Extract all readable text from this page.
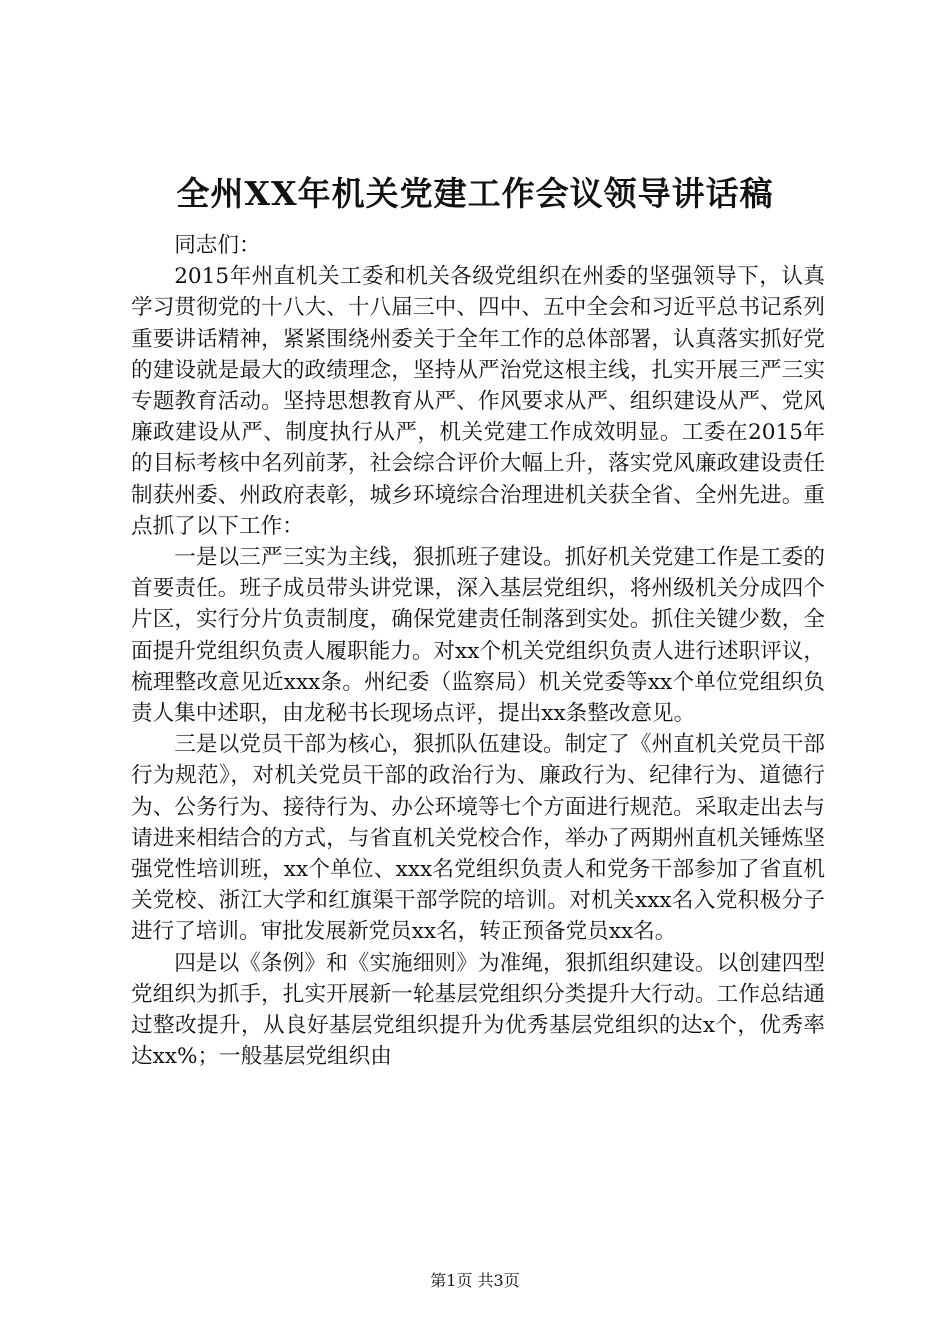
全州XX年机关党建工作会议领导讲话稿

同志们：

2015年州直机关工委和机关各级党组织在州委的坚强领导下，认真学习贯彻党的十八大、十八届三中、四中、五中全会和习近平总书记系列重要讲话精神，紧紧围绕州委关于全年工作的总体部署，认真落实抓好党的建设就是最大的政绩理念，坚持从严治党这根主线，扎实开展三严三实专题教育活动。坚持思想教育从严、作风要求从严、组织建设从严、党风廉政建设从严、制度执行从严，机关党建工作成效明显。工委在2015年的目标考核中名列前茅，社会综合评价大幅上升，落实党风廉政建设责任制获州委、州政府表彰，城乡环境综合治理进机关获全省、全州先进。重点抓了以下工作：

一是以三严三实为主线，狠抓班子建设。抓好机关党建工作是工委的首要责任。班子成员带头讲党课，深入基层党组织，将州级机关分成四个片区，实行分片负责制度，确保党建责任制落到实处。抓住关键少数，全面提升党组织负责人履职能力。对xx个机关党组织负责人进行述职评议，梳理整改意见近xxx条。州纪委（监察局）机关党委等xx个单位党组织负责人集中述职，由龙秘书长现场点评，提出xx条整改意见。

三是以党员干部为核心，狠抓队伍建设。制定了《州直机关党员干部行为规范》，对机关党员干部的政治行为、廉政行为、纪律行为、道德行为、公务行为、接待行为、办公环境等七个方面进行规范。采取走出去与请进来相结合的方式，与省直机关党校合作，举办了两期州直机关锤炼坚强党性培训班，xx个单位、xxx名党组织负责人和党务干部参加了省直机关党校、浙江大学和红旗渠干部学院的培训。对机关xxx名入党积极分子进行了培训。审批发展新党员xx名，转正预备党员xx名。

四是以《条例》和《实施细则》为准绳，狠抓组织建设。以创建四型党组织为抓手，扎实开展新一轮基层党组织分类提升大行动。工作总结通过整改提升，从良好基层党组织提升为优秀基层党组织的达x个，优秀率达xx%；一般基层党组织由

第1页 共3页
